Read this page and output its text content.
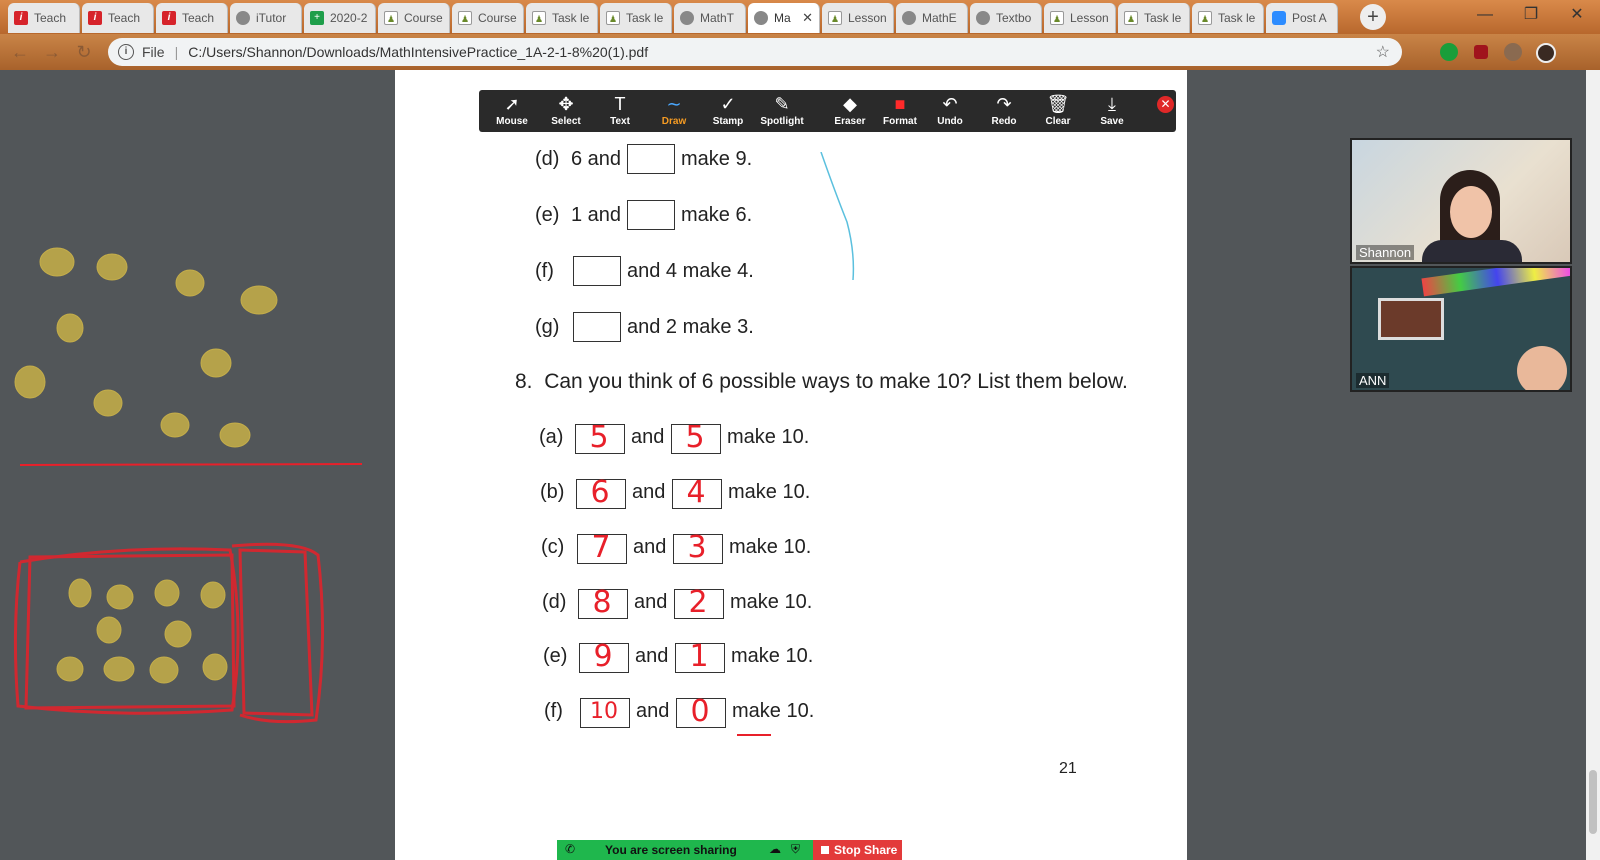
i Teach	i Teach	i Teach	iTutor	+ 2020-2	♟ Course	♟ Course	♟ Task le	♟ Task le	MathT	Ma ✕	♟ Lesson	MathE	Textbo	♟ Lesson	♟ Task le	♟ Task le	Post A	+	—	❐	✕
← → ↻	i	File | C:/Users/Shannon/Downloads/MathIntensivePractice_1A-2-1-8%20(1).pdf	☆
(d) 6 and	make 9.
(e) 1 and	make 6.
(f)	and 4 make 4.
(g)	and 2 make 3.
8. Can you think of 6 possible ways to make 10? List them below.
(a) 5	and 5	make 10.
(b) 6	and 4	make 10.
(c) 7	and 3	make 10.
(d) 8	and 2	make 10.
(e) 9	and 1	make 10.
(f)	10 and 0	make 10.
21
➚
Mouse
✥
Select
T
Text
∼
Draw
✓
Stamp
✎
Spotlight
◆
Eraser
■
Format
↶
Undo
↷
Redo
🗑
Clear
⤓
Save
✕
Shannon
ANN
✆ You are screen sharing	☁ ⛨	Stop Share
